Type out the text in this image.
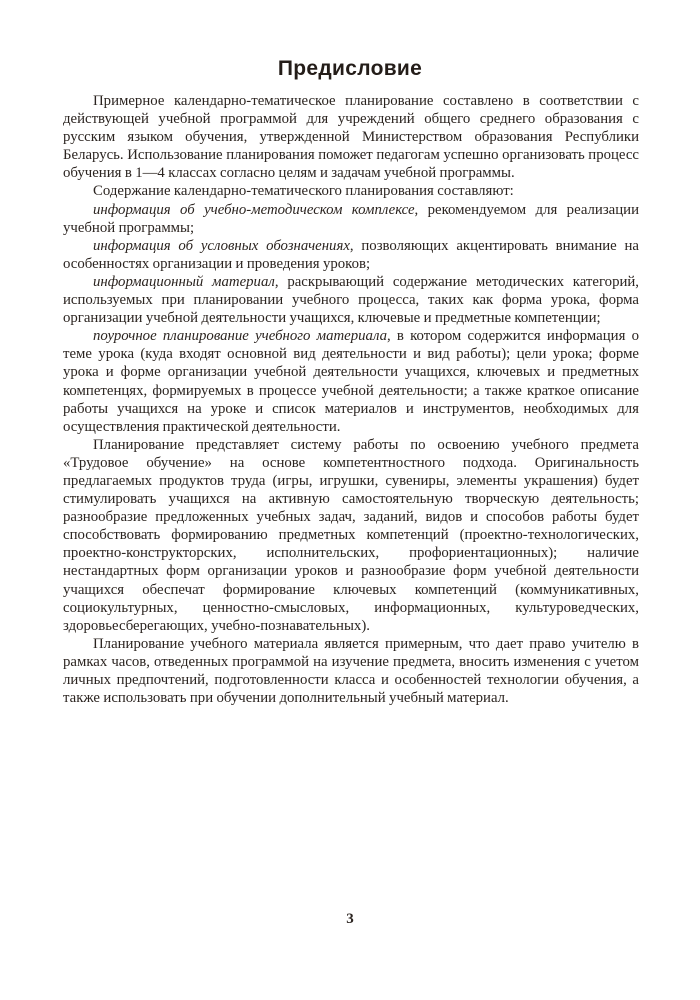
Предисловие

Примерное календарно-тематическое планирование составлено в соответствии с действующей учебной программой для учреждений общего среднего образования с русским языком обучения, утвержденной Министерством образования Республики Беларусь. Использование планирования поможет педагогам успешно организовать процесс обучения в 1—4 классах согласно целям и задачам учебной программы.

Содержание календарно-тематического планирования составляют:

информация об учебно-методическом комплексе, рекомендуемом для реализации учебной программы;

информация об условных обозначениях, позволяющих акцентировать внимание на особенностях организации и проведения уроков;

информационный материал, раскрывающий содержание методических категорий, используемых при планировании учебного процесса, таких как форма урока, форма организации учебной деятельности учащихся, ключевые и предметные компетенции;

поурочное планирование учебного материала, в котором содержится информация о теме урока (куда входят основной вид деятельности и вид работы); цели урока; форме урока и форме организации учебной деятельности учащихся, ключевых и предметных компетенцях, формируемых в процессе учебной деятельности; а также краткое описание работы учащихся на уроке и список материалов и инструментов, необходимых для осуществления практической деятельности.

Планирование представляет систему работы по освоению учебного предмета «Трудовое обучение» на основе компетентностного подхода. Оригинальность предлагаемых продуктов труда (игры, игрушки, сувениры, элементы украшения) будет стимулировать учащихся на активную самостоятельную творческую деятельность; разнообразие предложенных учебных задач, заданий, видов и способов работы будет способствовать формированию предметных компетенций (проектно-технологических, проектно-конструкторских, исполнительских, профориентационных); наличие нестандартных форм организации уроков и разнообразие форм учебной деятельности учащихся обеспечат формирование ключевых компетенций (коммуникативных, социокультурных, ценностно-смысловых, информационных, культуроведческих, здоровьесберегающих, учебно-познавательных).

Планирование учебного материала является примерным, что дает право учителю в рамках часов, отведенных программой на изучение предмета, вносить изменения с учетом личных предпочтений, подготовленности класса и особенностей технологии обучения, а также использовать при обучении дополнительный учебный материал.

3
